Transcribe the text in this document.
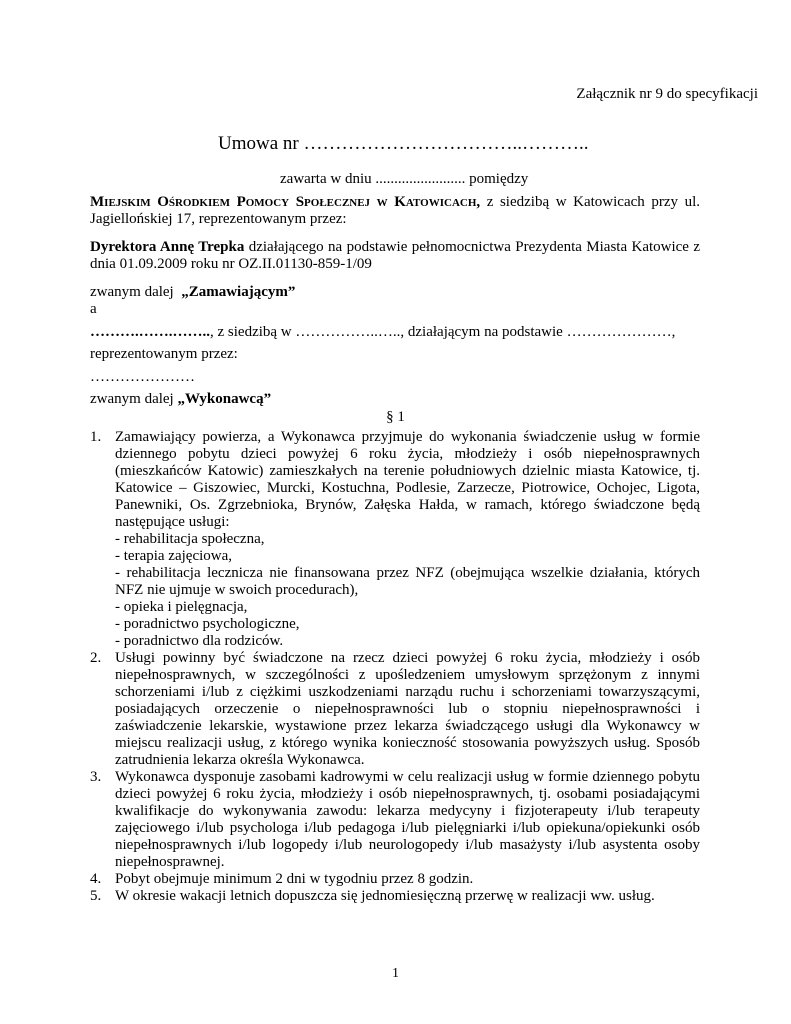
Załącznik nr 9 do specyfikacji
Umowa nr ……………………………..………..
zawarta w dniu ........................ pomiędzy
Miejskim Ośrodkiem Pomocy Społecznej w Katowicach, z siedzibą w Katowicach przy ul. Jagiellońskiej 17, reprezentowanym przez:
Dyrektora Annę Trepka działającego na podstawie pełnomocnictwa Prezydenta Miasta Katowice z dnia 01.09.2009 roku nr OZ.II.01130-859-1/09
zwanym dalej  „Zamawiającym”
a
……….…….…….., z siedzibą w ……………..….., działającym na podstawie …………………,
reprezentowanym przez:
…………………
zwanym dalej „Wykonawcą”
§ 1
1. Zamawiający powierza, a Wykonawca przyjmuje do wykonania świadczenie usług w formie dziennego pobytu dzieci powyżej 6 roku życia, młodzieży i osób niepełnosprawnych (mieszkańców Katowic) zamieszkałych na terenie południowych dzielnic miasta Katowice, tj. Katowice – Giszowiec, Murcki, Kostuchna, Podlesie, Zarzecze, Piotrowice, Ochojec, Ligota, Panewniki, Os. Zgrzebnioka, Brynów, Załęska Hałda, w ramach, którego świadczone będą następujące usługi:
- rehabilitacja społeczna,
- terapia zajęciowa,
- rehabilitacja lecznicza nie finansowana przez NFZ (obejmująca wszelkie działania, których NFZ nie ujmuje w swoich procedurach),
- opieka i pielęgnacja,
- poradnictwo psychologiczne,
- poradnictwo dla rodziców.
2. Usługi powinny być świadczone na rzecz dzieci powyżej 6 roku życia, młodzieży i osób niepełnosprawnych, w szczególności z upośledzeniem umysłowym sprzężonym z innymi schorzeniami i/lub z ciężkimi uszkodzeniami narządu ruchu i schorzeniami towarzyszącymi, posiadających orzeczenie o niepełnosprawności lub o stopniu niepełnosprawności i zaświadczenie lekarskie, wystawione przez lekarza świadczącego usługi dla Wykonawcy w miejscu realizacji usług, z którego wynika konieczność stosowania powyższych usług. Sposób zatrudnienia lekarza określa Wykonawca.
3. Wykonawca dysponuje zasobami kadrowymi w celu realizacji usług w formie dziennego pobytu dzieci powyżej 6 roku życia, młodzieży i osób niepełnosprawnych, tj. osobami posiadającymi kwalifikacje do wykonywania zawodu: lekarza medycyny i fizjoterapeuty i/lub terapeuty zajęciowego i/lub psychologa i/lub pedagoga i/lub pielęgniarki i/lub opiekuna/opiekunki osób niepełnosprawnych i/lub logopedy i/lub neurologopedy i/lub masażysty i/lub asystenta osoby niepełnosprawnej.
4. Pobyt obejmuje minimum 2 dni w tygodniu przez 8 godzin.
5. W okresie wakacji letnich dopuszcza się jednomiesięczną przerwę w realizacji ww. usług.
1
